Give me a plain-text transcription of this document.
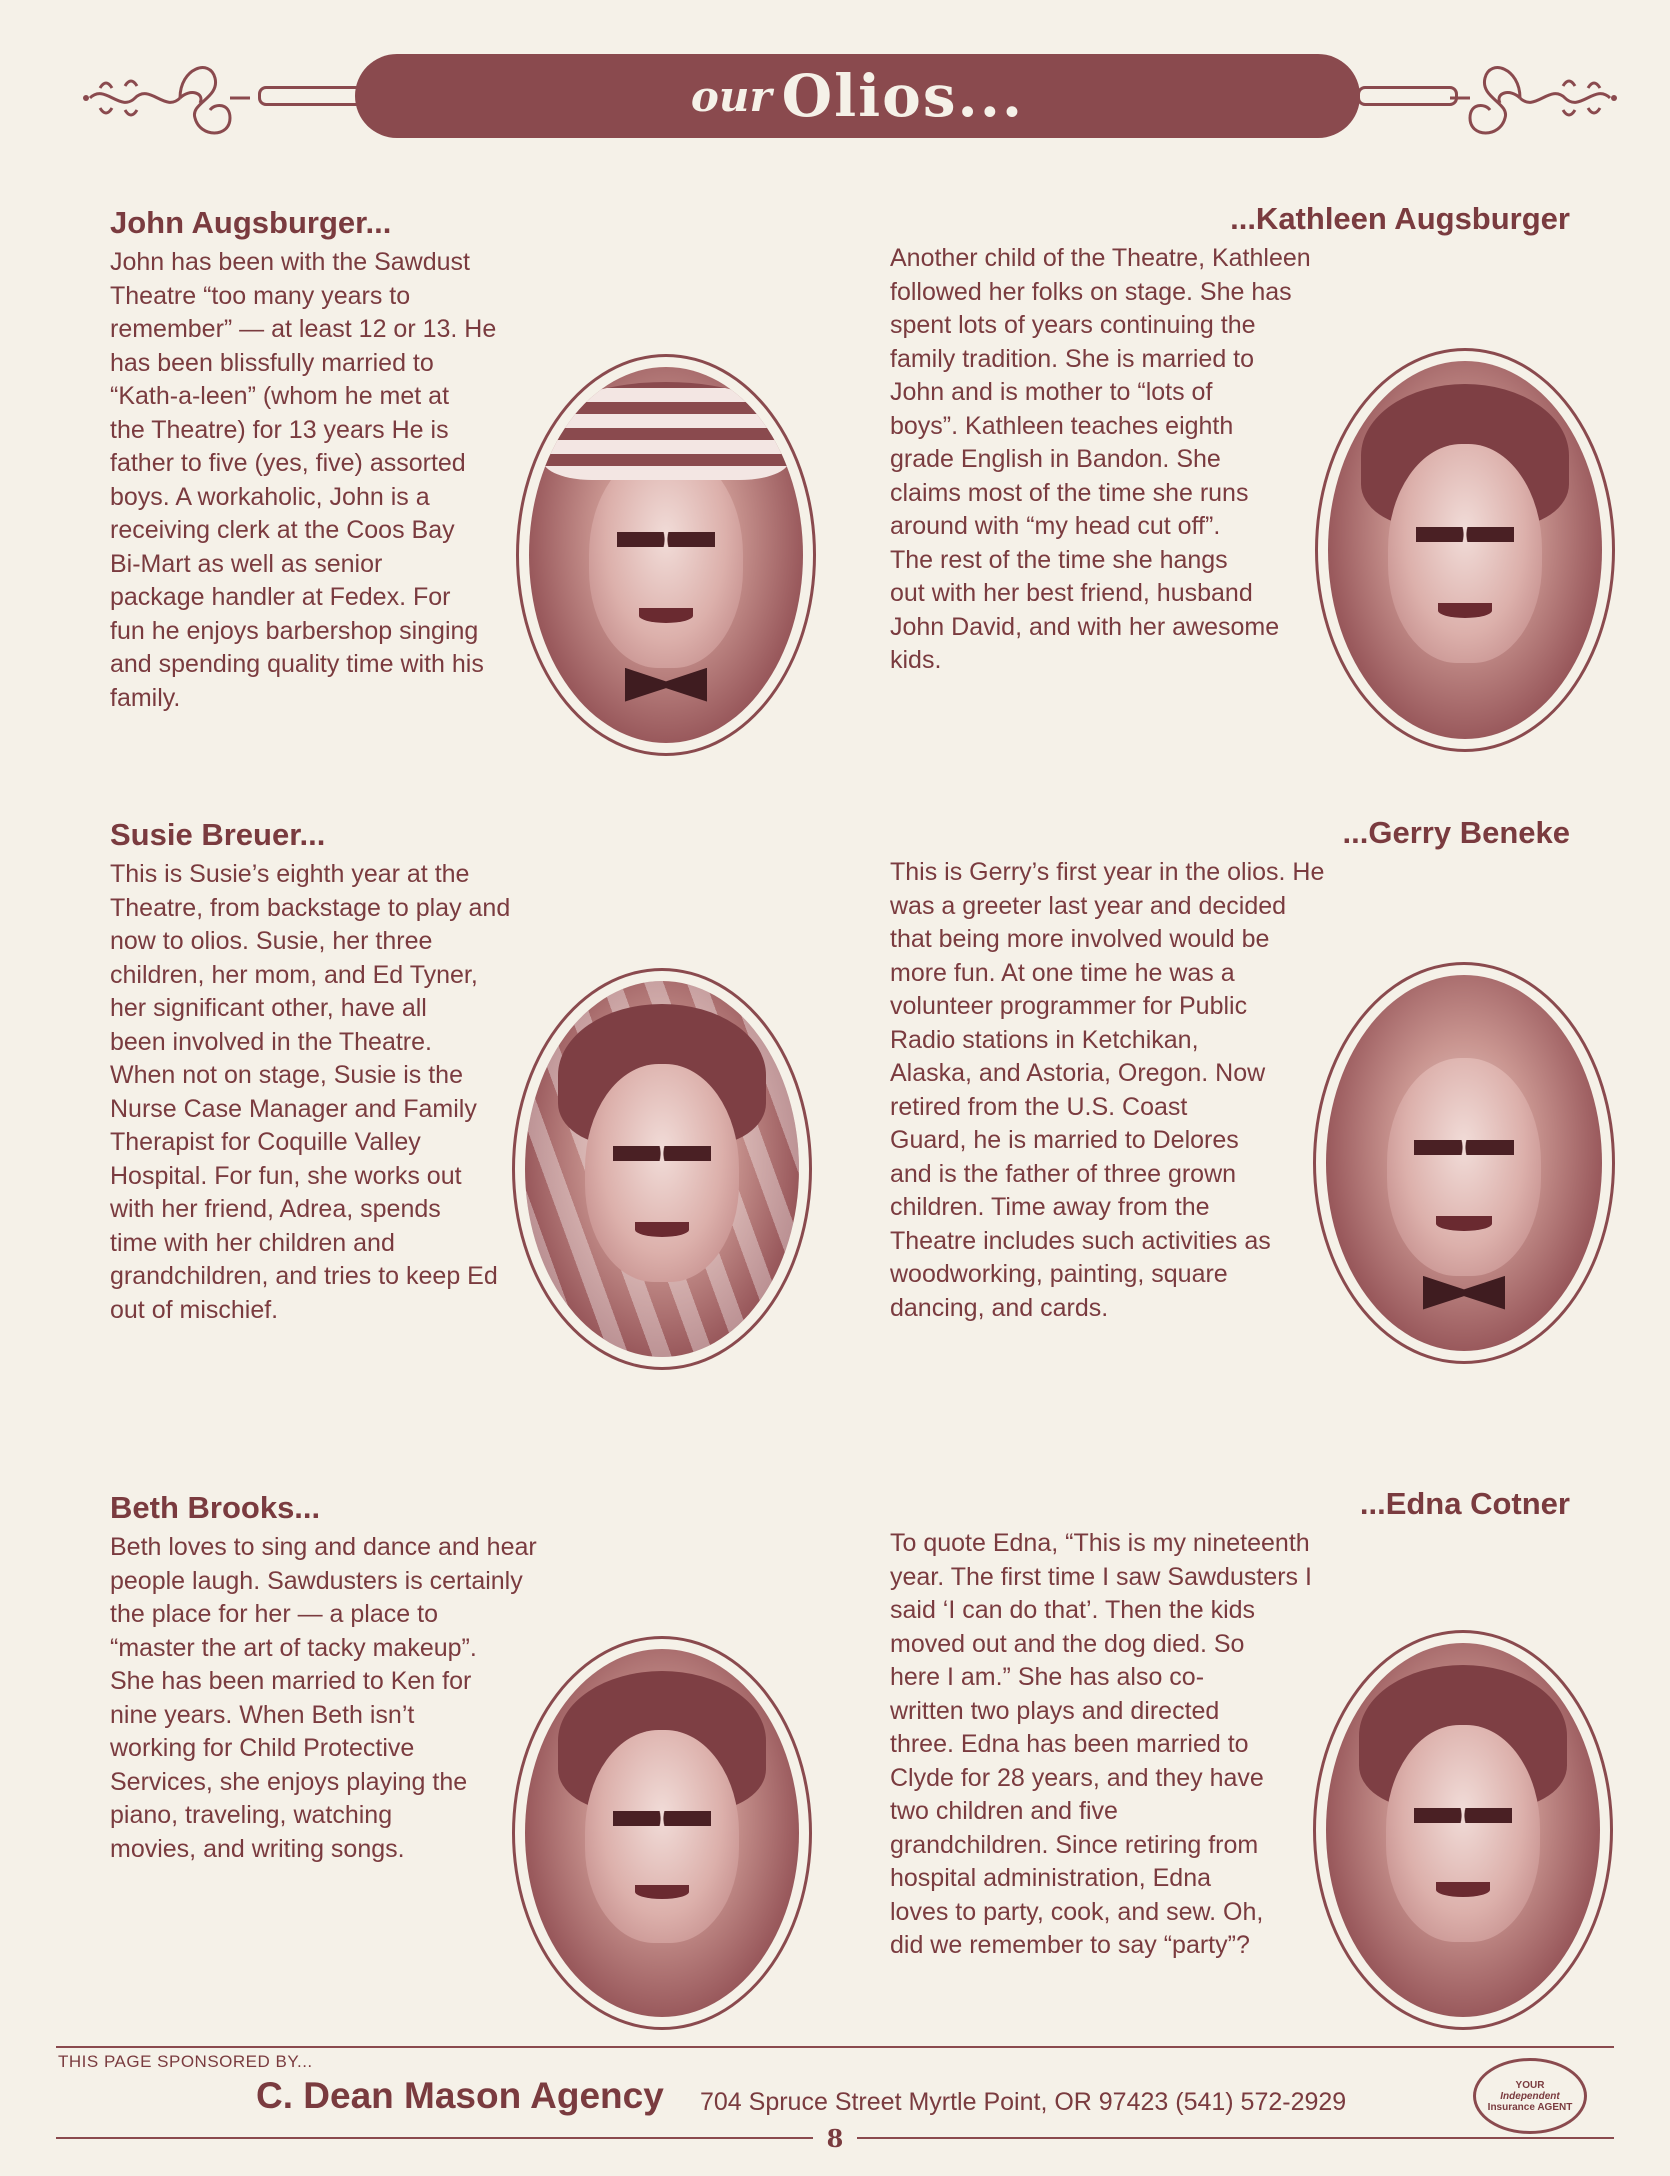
our Olios...
John Augsburger...

John has been with the Sawdust Theatre “too many years to remember” — at least 12 or 13. He has been blissfully married to “Kath-a-leen” (whom he met at the Theatre) for 13 years He is father to five (yes, five) assorted boys. A workaholic, John is a receiving clerk at the Coos Bay Bi-Mart as well as senior package handler at Fedex. For fun he enjoys barbershop singing and spending quality time with his family.

...Kathleen Augsburger

Another child of the Theatre, Kathleen followed her folks on stage. She has spent lots of years continuing the family tradition. She is married to John and is mother to “lots of boys”. Kathleen teaches eighth grade English in Bandon. She claims most of the time she runs around with “my head cut off”. The rest of the time she hangs out with her best friend, husband John David, and with her awesome kids.

Susie Breuer...

This is Susie’s eighth year at the Theatre, from backstage to play and now to olios. Susie, her three children, her mom, and Ed Tyner, her significant other, have all been involved in the Theatre. When not on stage, Susie is the Nurse Case Manager and Family Therapist for Coquille Valley Hospital. For fun, she works out with her friend, Adrea, spends time with her children and grandchildren, and tries to keep Ed out of mischief.

...Gerry Beneke

This is Gerry’s first year in the olios. He was a greeter last year and decided that being more involved would be more fun. At one time he was a volunteer programmer for Public Radio stations in Ketchikan, Alaska, and Astoria, Oregon. Now retired from the U.S. Coast Guard, he is married to Delores and is the father of three grown children. Time away from the Theatre includes such activities as woodworking, painting, square dancing, and cards.

Beth Brooks...

Beth loves to sing and dance and hear people laugh. Sawdusters is certainly the place for her — a place to “master the art of tacky makeup”. She has been married to Ken for nine years. When Beth isn’t working for Child Protective Services, she enjoys playing the piano, traveling, watching movies, and writing songs.

...Edna Cotner

To quote Edna, “This is my nineteenth year. The first time I saw Sawdusters I said ‘I can do that’. Then the kids moved out and the dog died. So here I am.” She has also co-written two plays and directed three. Edna has been married to Clyde for 28 years, and they have two children and five grandchildren. Since retiring from hospital administration, Edna loves to party, cook, and sew. Oh, did we remember to say “party”?

THIS PAGE SPONSORED BY...
C. Dean Mason Agency 704 Spruce Street Myrtle Point, OR 97423 (541) 572-2929
YOUR
Independent
Insurance AGENT
8
